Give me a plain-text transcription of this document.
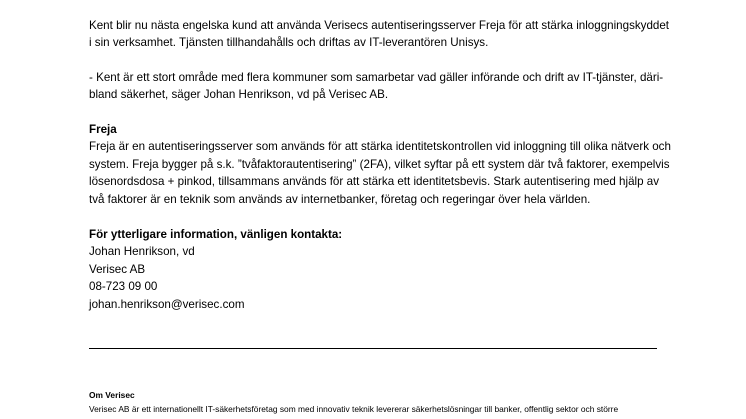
Kent blir nu nästa engelska kund att använda Verisecs autentiseringsserver Freja för att stärka inloggningskyddet
i sin verksamhet. Tjänsten tillhandahålls och driftas av IT-leverantören Unisys.

- Kent är ett stort område med flera kommuner som samarbetar vad gäller införande och drift av IT-tjänster, däri-
bland säkerhet, säger Johan Henrikson, vd på Verisec AB.

Freja
Freja är en autentiseringsserver som används för att stärka identitetskontrollen vid inloggning till olika nätverk och
system. Freja bygger på s.k. ”tvåfaktorautentisering” (2FA), vilket syftar på ett system där två faktorer, exempelvis
lösenordsdosa + pinkod, tillsammans används för att stärka ett identitetsbevis. Stark autentisering med hjälp av
två faktorer är en teknik som används av internetbanker, företag och regeringar över hela världen.
För ytterligare information, vänligen kontakta:
Johan Henrikson, vd
Verisec AB
08-723 09 00
johan.henrikson@verisec.com
Om Verisec
Verisec AB är ett internationellt IT-säkerhetsföretag som med innovativ teknik levererar säkerhetslösningar till banker, offentlig sektor och större
